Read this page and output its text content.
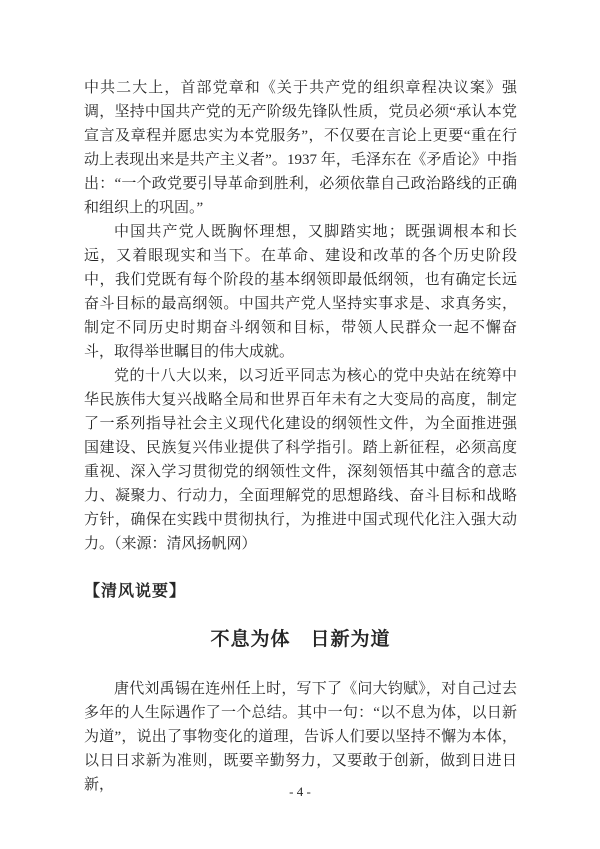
中共二大上，首部党章和《关于共产党的组织章程决议案》强调，坚持中国共产党的无产阶级先锋队性质，党员必须“承认本党宣言及章程并愿忠实为本党服务”，不仅要在言论上更要“重在行动上表现出来是共产主义者”。1937 年，毛泽东在《矛盾论》中指出：“一个政党要引导革命到胜利，必须依靠自己政治路线的正确和组织上的巩固。”

中国共产党人既胸怀理想，又脚踏实地；既强调根本和长远，又着眼现实和当下。在革命、建设和改革的各个历史阶段中，我们党既有每个阶段的基本纲领即最低纲领，也有确定长远奋斗目标的最高纲领。中国共产党人坚持实事求是、求真务实，制定不同历史时期奋斗纲领和目标，带领人民群众一起不懈奋斗，取得举世瞩目的伟大成就。

党的十八大以来，以习近平同志为核心的党中央站在统筹中华民族伟大复兴战略全局和世界百年未有之大变局的高度，制定了一系列指导社会主义现代化建设的纲领性文件，为全面推进强国建设、民族复兴伟业提供了科学指引。踏上新征程，必须高度重视、深入学习贯彻党的纲领性文件，深刻领悟其中蕴含的意志力、凝聚力、行动力，全面理解党的思想路线、奋斗目标和战略方针，确保在实践中贯彻执行，为推进中国式现代化注入强大动力。（来源：清风扬帆网）

【清风说要】
不息为体　日新为道

唐代刘禹锡在连州任上时，写下了《问大钧赋》，对自己过去多年的人生际遇作了一个总结。其中一句：“以不息为体，以日新为道”，说出了事物变化的道理，告诉人们要以坚持不懈为本体，以日日求新为准则，既要辛勤努力，又要敢于创新，做到日进日新，	- 4 -
